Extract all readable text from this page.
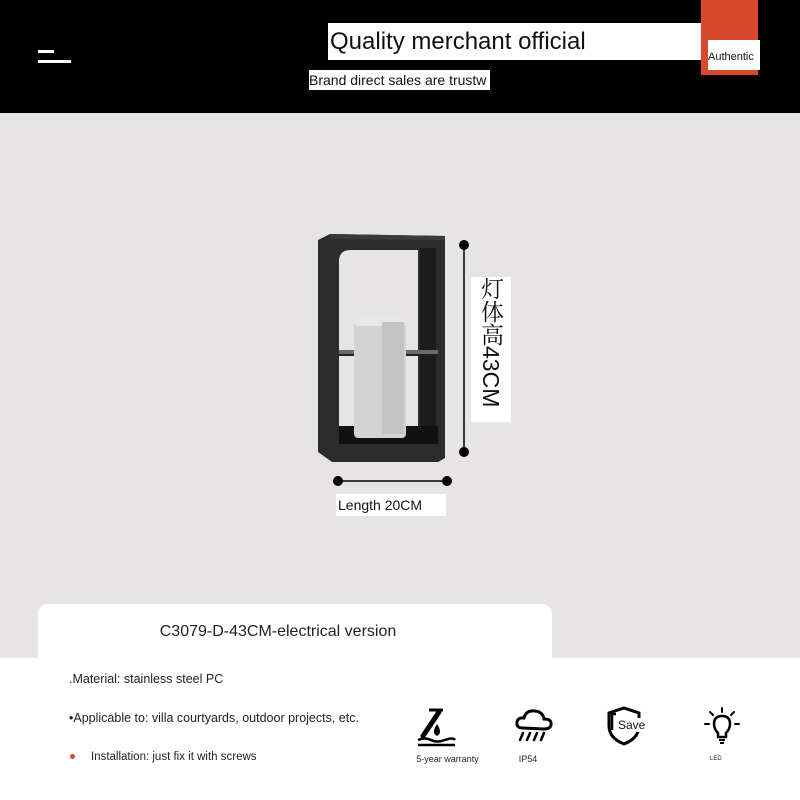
Quality merchant official
Brand direct sales are trustw
Authentic
灯体高43CM
Length 20CM
C3079-D-43CM-electrical version
.Material: stainless steel PC
•Applicable to: villa courtyards, outdoor projects, etc.
Installation: just fix it with screws	5-year warranty	IP54
Save
LED
